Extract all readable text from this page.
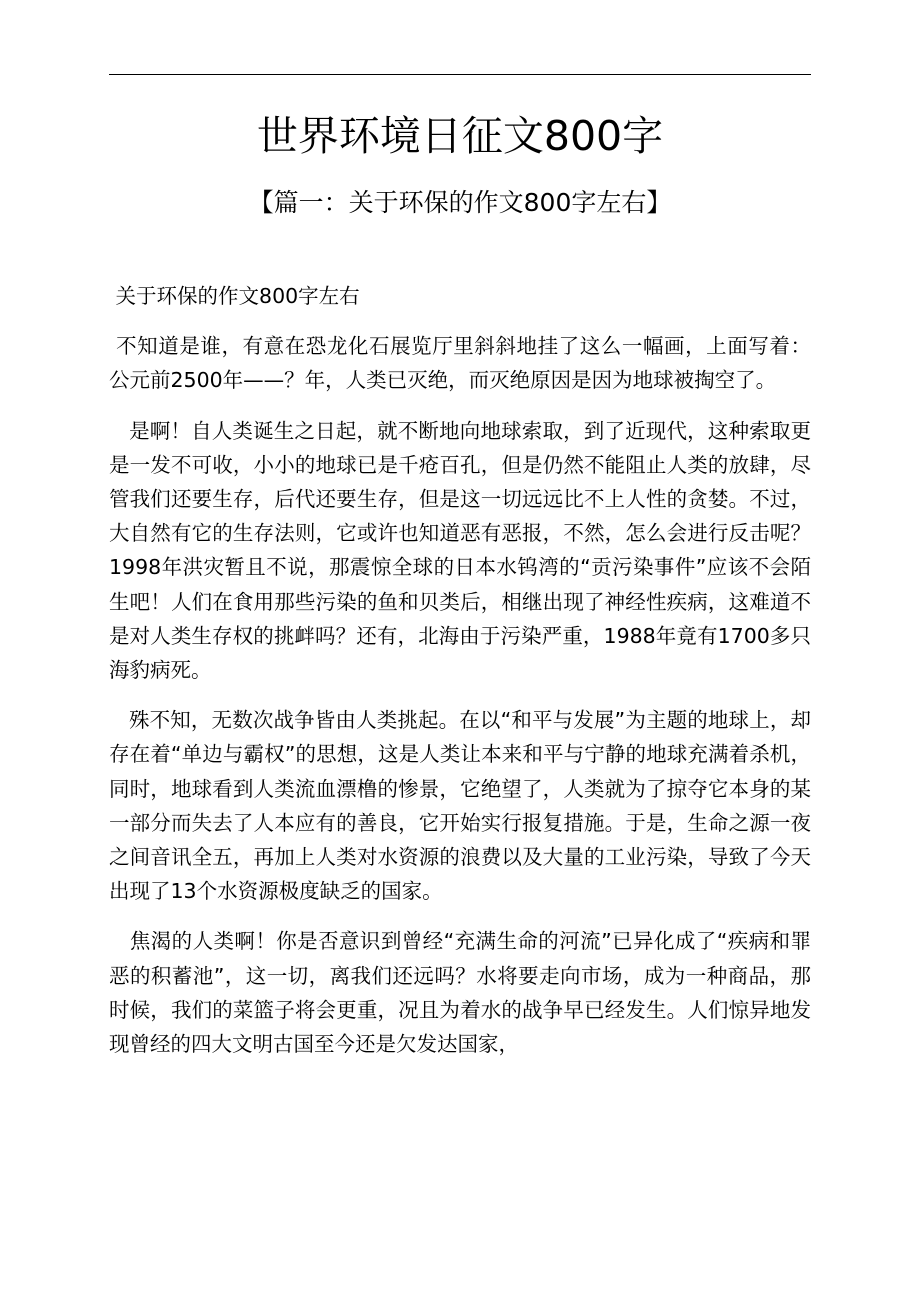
世界环境日征文800字
【篇一：关于环保的作文800字左右】

关于环保的作文800字左右

不知道是谁，有意在恐龙化石展览厅里斜斜地挂了这么一幅画，上面写着：公元前2500年——？年，人类已灭绝，而灭绝原因是因为地球被掏空了。

是啊！自人类诞生之日起，就不断地向地球索取，到了近现代，这种索取更是一发不可收，小小的地球已是千疮百孔，但是仍然不能阻止人类的放肆，尽管我们还要生存，后代还要生存，但是这一切远远比不上人性的贪婪。不过，大自然有它的生存法则，它或许也知道恶有恶报，不然，怎么会进行反击呢？1998年洪灾暂且不说，那震惊全球的日本水钨湾的“贡污染事件”应该不会陌生吧！人们在食用那些污染的鱼和贝类后，相继出现了神经性疾病，这难道不是对人类生存权的挑衅吗？还有，北海由于污染严重，1988年竟有1700多只海豹病死。

殊不知，无数次战争皆由人类挑起。在以“和平与发展”为主题的地球上，却存在着“单边与霸权”的思想，这是人类让本来和平与宁静的地球充满着杀机，同时，地球看到人类流血漂橹的惨景，它绝望了，人类就为了掠夺它本身的某一部分而失去了人本应有的善良，它开始实行报复措施。于是，生命之源一夜之间音讯全五，再加上人类对水资源的浪费以及大量的工业污染，导致了今天出现了13个水资源极度缺乏的国家。

焦渴的人类啊！你是否意识到曾经“充满生命的河流”已异化成了“疾病和罪恶的积蓄池”，这一切，离我们还远吗？水将要走向市场，成为一种商品，那时候，我们的菜篮子将会更重，况且为着水的战争早已经发生。人们惊异地发现曾经的四大文明古国至今还是欠发达国家，
